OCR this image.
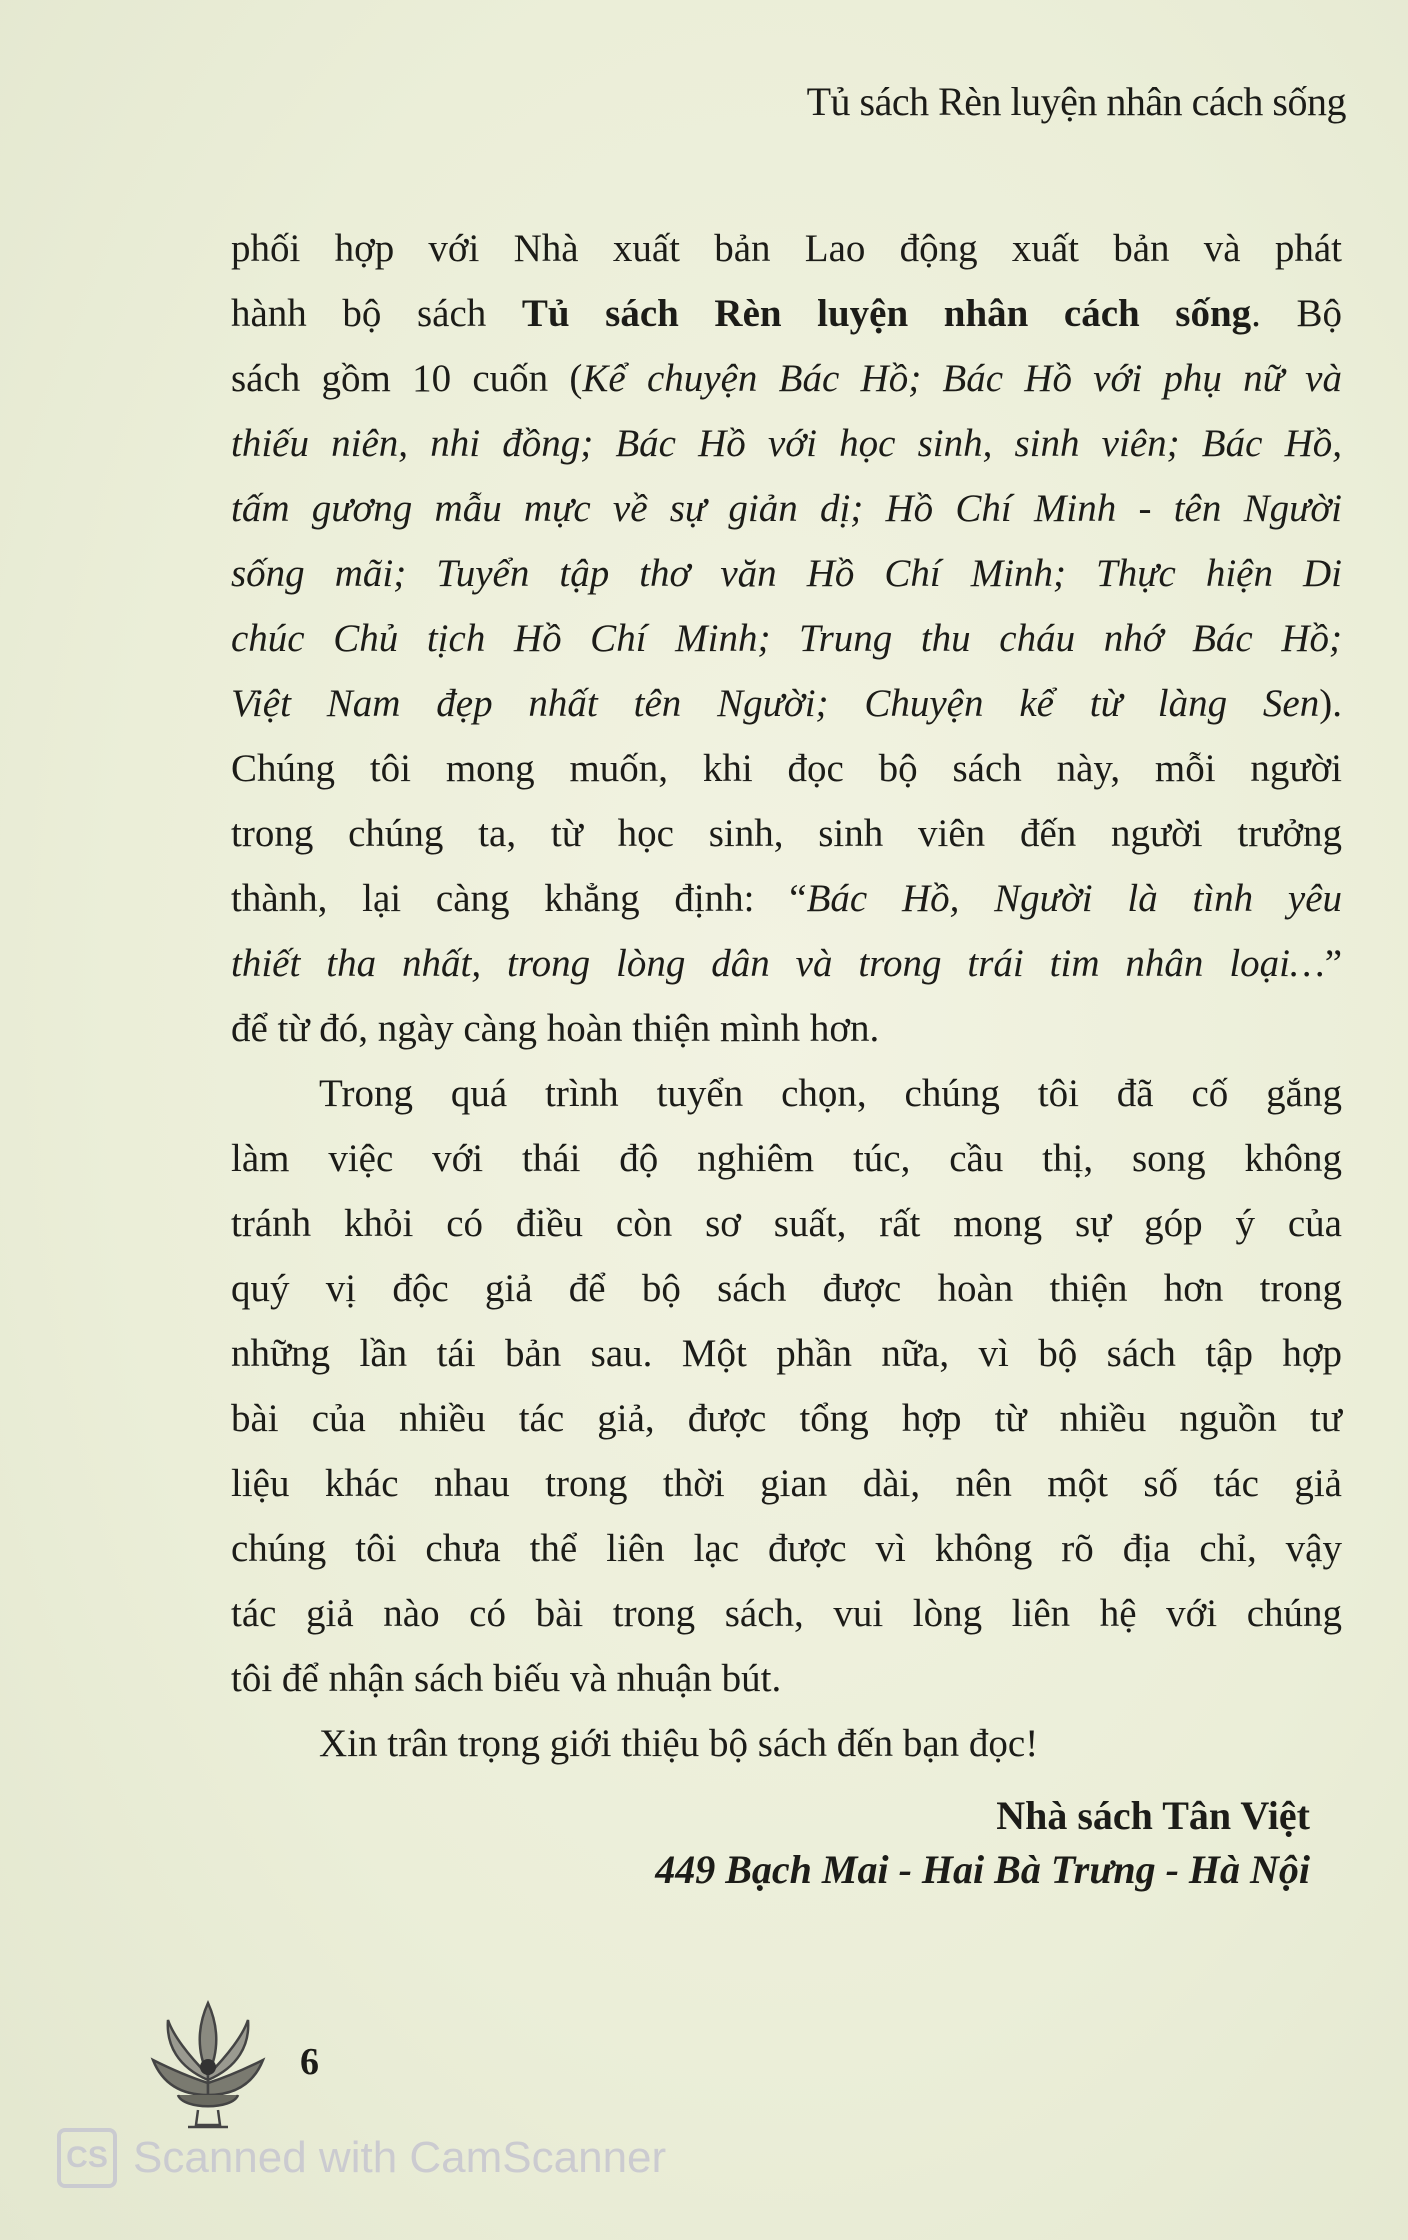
Tủ sách Rèn luyện nhân cách sống
phối hợp với Nhà xuất bản Lao động xuất bản và phát
hành bộ sách Tủ sách Rèn luyện nhân cách sống. Bộ
sách gồm 10 cuốn (Kể chuyện Bác Hồ; Bác Hồ với phụ nữ và
thiếu niên, nhi đồng; Bác Hồ với học sinh, sinh viên; Bác Hồ,
tấm gương mẫu mực về sự giản dị; Hồ Chí Minh - tên Người
sống mãi; Tuyển tập thơ văn Hồ Chí Minh; Thực hiện Di
chúc Chủ tịch Hồ Chí Minh; Trung thu cháu nhớ Bác Hồ;
Việt Nam đẹp nhất tên Người; Chuyện kể từ làng Sen).
Chúng tôi mong muốn, khi đọc bộ sách này, mỗi người
trong chúng ta, từ học sinh, sinh viên đến người trưởng
thành, lại càng khẳng định: “Bác Hồ, Người là tình yêu
thiết tha nhất, trong lòng dân và trong trái tim nhân loại…”
để từ đó, ngày càng hoàn thiện mình hơn.
Trong quá trình tuyển chọn, chúng tôi đã cố gắng
làm việc với thái độ nghiêm túc, cầu thị, song không
tránh khỏi có điều còn sơ suất, rất mong sự góp ý của
quý vị độc giả để bộ sách được hoàn thiện hơn trong
những lần tái bản sau. Một phần nữa, vì bộ sách tập hợp
bài của nhiều tác giả, được tổng hợp từ nhiều nguồn tư
liệu khác nhau trong thời gian dài, nên một số tác giả
chúng tôi chưa thể liên lạc được vì không rõ địa chỉ, vậy
tác giả nào có bài trong sách, vui lòng liên hệ với chúng
tôi để nhận sách biếu và nhuận bút.
Xin trân trọng giới thiệu bộ sách đến bạn đọc!
Nhà sách Tân Việt
449 Bạch Mai - Hai Bà Trưng - Hà Nội
6
CS Scanned with CamScanner
